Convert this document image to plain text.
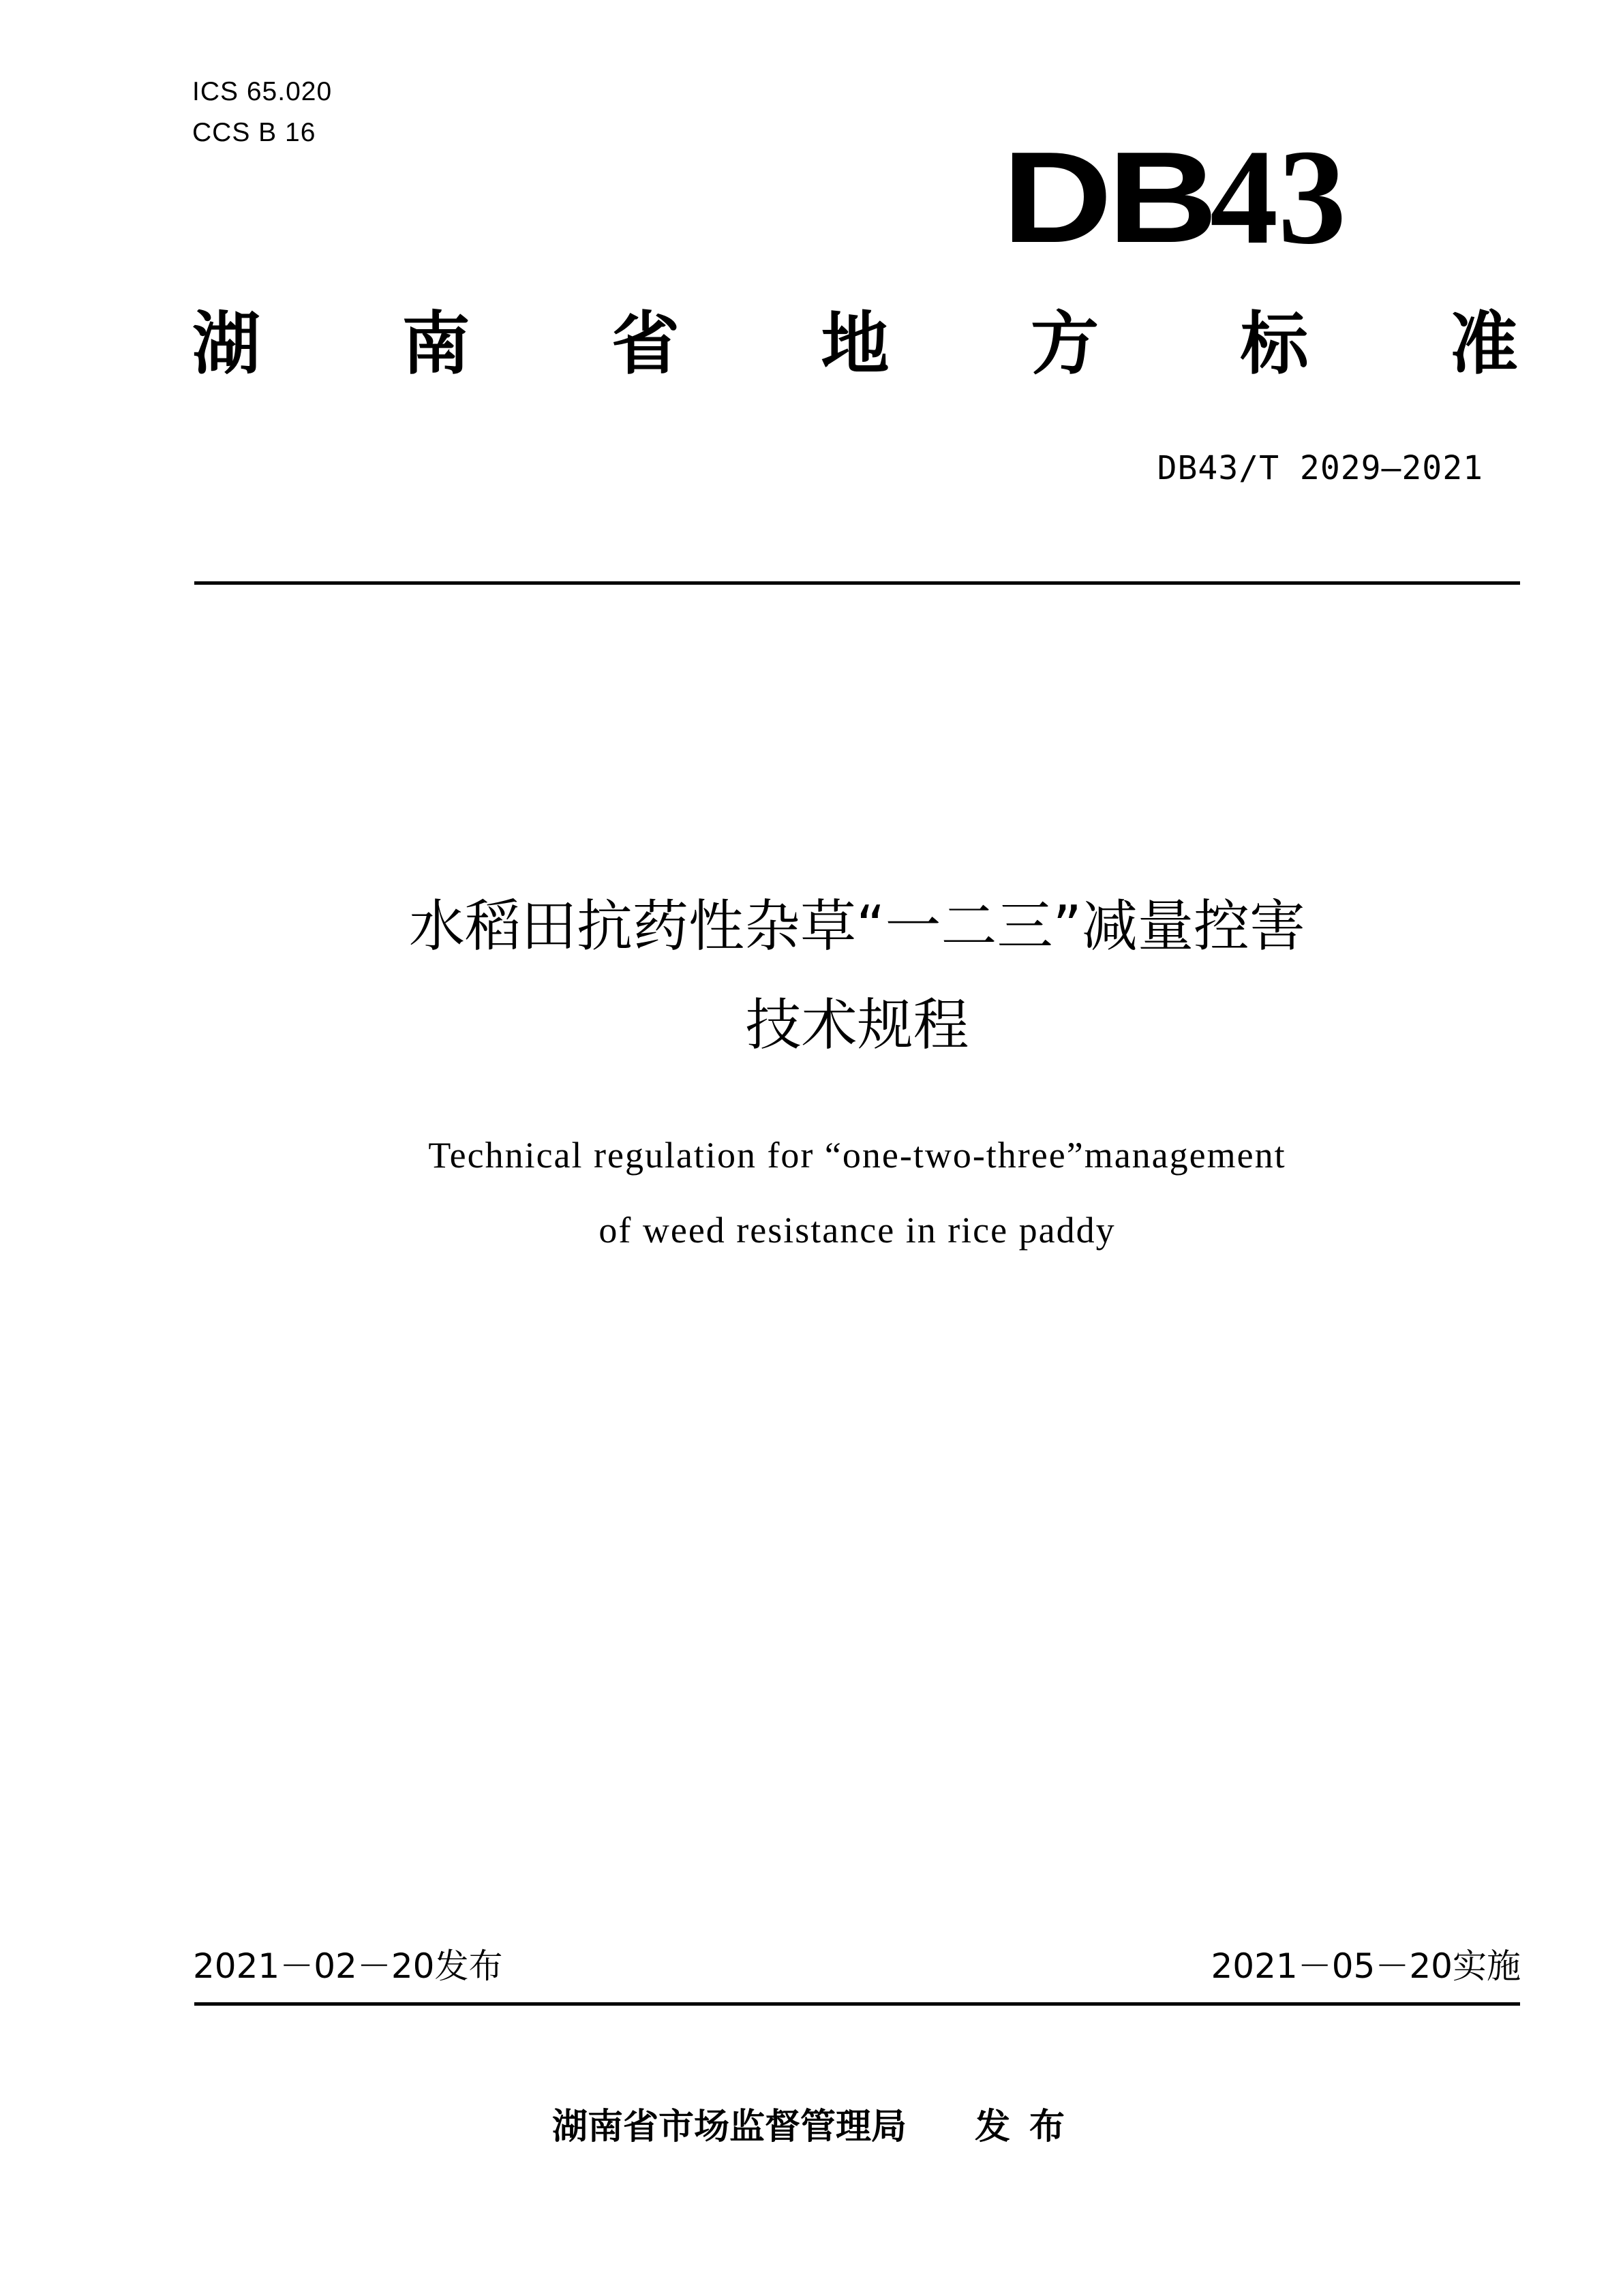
ICS 65.020
CCS B 16	DB
43
湖 南 省 地 方 标 准
DB43/T 2029—2021
水稻田抗药性杂草“一二三”减量控害
技术规程
Technical regulation for “one-two-three”management
of weed resistance in rice paddy
2021－02－20发布	2021－05－20实施
湖南省市场监督管理局 发布
